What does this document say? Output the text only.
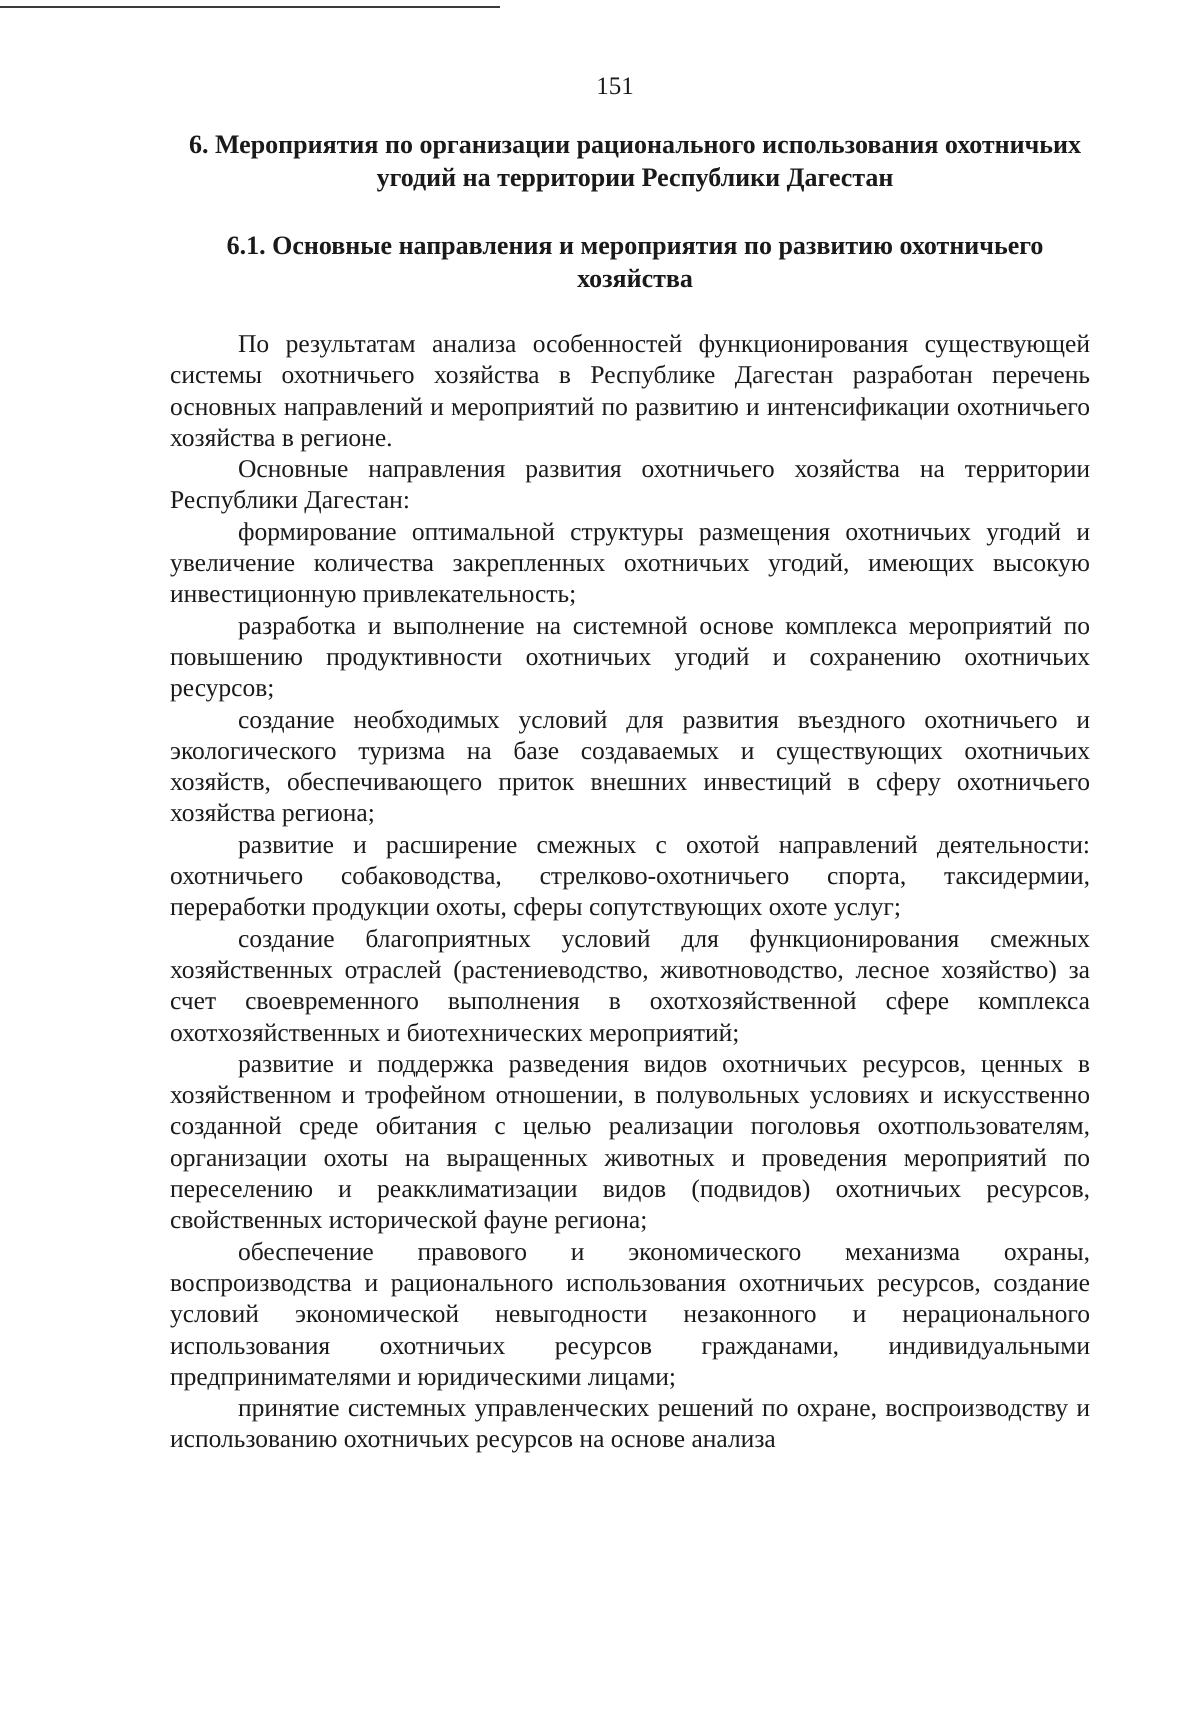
151
6. Мероприятия по организации рационального использования охотничьих угодий на территории Республики Дагестан
6.1. Основные направления и мероприятия по развитию охотничьего хозяйства

По результатам анализа особенностей функционирования существующей системы охотничьего хозяйства в Республике Дагестан разработан перечень основных направлений и мероприятий по развитию и интенсификации охотничьего хозяйства в регионе.

Основные направления развития охотничьего хозяйства на территории Республики Дагестан:

формирование оптимальной структуры размещения охотничьих угодий и увеличение количества закрепленных охотничьих угодий, имеющих высокую инвестиционную привлекательность;

разработка и выполнение на системной основе комплекса мероприятий по повышению продуктивности охотничьих угодий и сохранению охотничьих ресурсов;

создание необходимых условий для развития въездного охотничьего и экологического туризма на базе создаваемых и существующих охотничьих хозяйств, обеспечивающего приток внешних инвестиций в сферу охотничьего хозяйства региона;

развитие и расширение смежных с охотой направлений деятельности: охотничьего собаководства, стрелково-охотничьего спорта, таксидермии, переработки продукции охоты, сферы сопутствующих охоте услуг;

создание благоприятных условий для функционирования смежных хозяйственных отраслей (растениеводство, животноводство, лесное хозяйство) за счет своевременного выполнения в охотхозяйственной сфере комплекса охотхозяйственных и биотехнических мероприятий;

развитие и поддержка разведения видов охотничьих ресурсов, ценных в хозяйственном и трофейном отношении, в полувольных условиях и искусственно созданной среде обитания с целью реализации поголовья охотпользователям, организации охоты на выращенных животных и проведения мероприятий по переселению и реакклиматизации видов (подвидов) охотничьих ресурсов, свойственных исторической фауне региона;

обеспечение правового и экономического механизма охраны, воспроизводства и рационального использования охотничьих ресурсов, создание условий экономической невыгодности незаконного и нерационального использования охотничьих ресурсов гражданами, индивидуальными предпринимателями и юридическими лицами;

принятие системных управленческих решений по охране, воспроизводству и использованию охотничьих ресурсов на основе анализа
